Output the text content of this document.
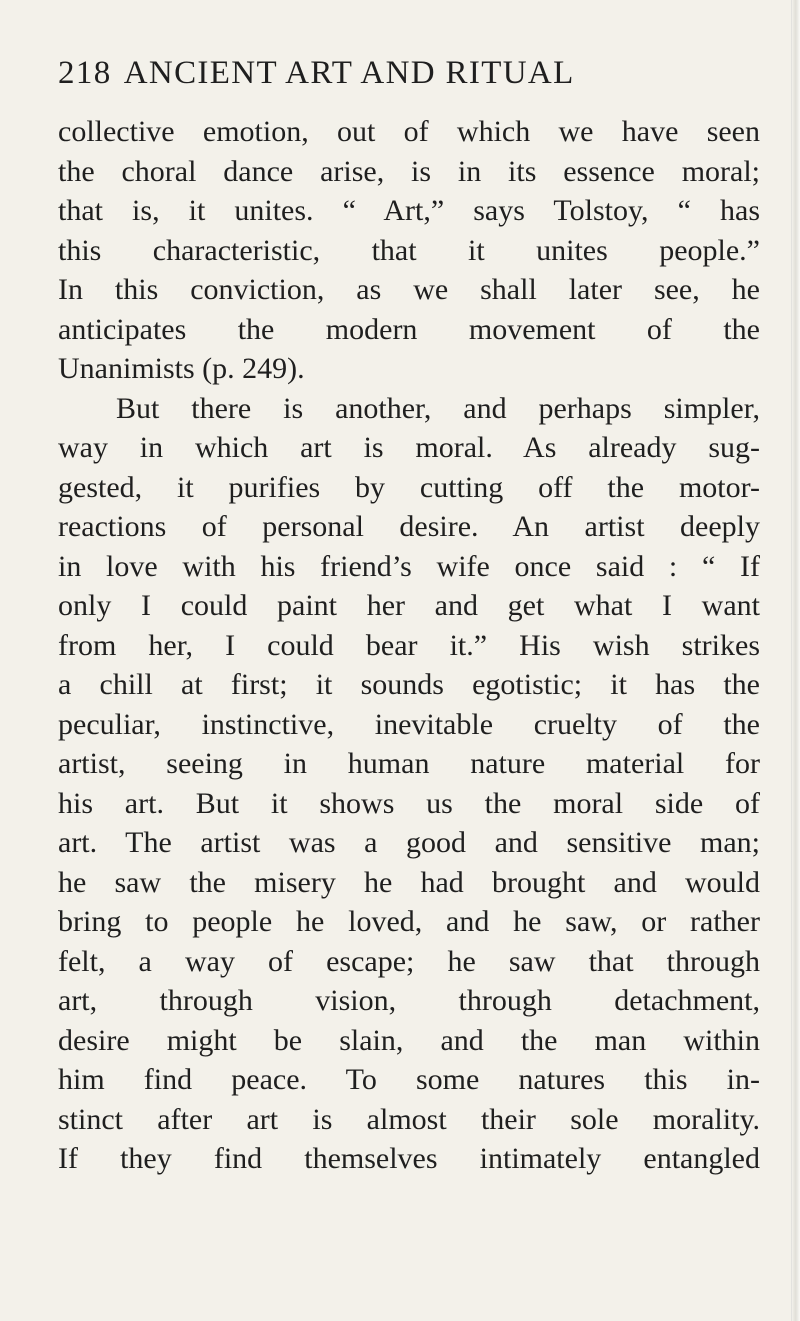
218 ANCIENT ART AND RITUAL
collective emotion, out of which we have seen
the choral dance arise, is in its essence moral;
that is, it unites. “ Art,” says Tolstoy, “ has
this characteristic, that it unites people.”
In this conviction, as we shall later see, he
anticipates the modern movement of the
Unanimists (p. 249).
But there is another, and perhaps simpler,
way in which art is moral. As already sug-
gested, it purifies by cutting off the motor-
reactions of personal desire. An artist deeply
in love with his friend’s wife once said : “ If
only I could paint her and get what I want
from her, I could bear it.” His wish strikes
a chill at first; it sounds egotistic; it has the
peculiar, instinctive, inevitable cruelty of the
artist, seeing in human nature material for
his art. But it shows us the moral side of
art. The artist was a good and sensitive man;
he saw the misery he had brought and would
bring to people he loved, and he saw, or rather
felt, a way of escape; he saw that through
art, through vision, through detachment,
desire might be slain, and the man within
him find peace. To some natures this in-
stinct after art is almost their sole morality.
If they find themselves intimately entangled
